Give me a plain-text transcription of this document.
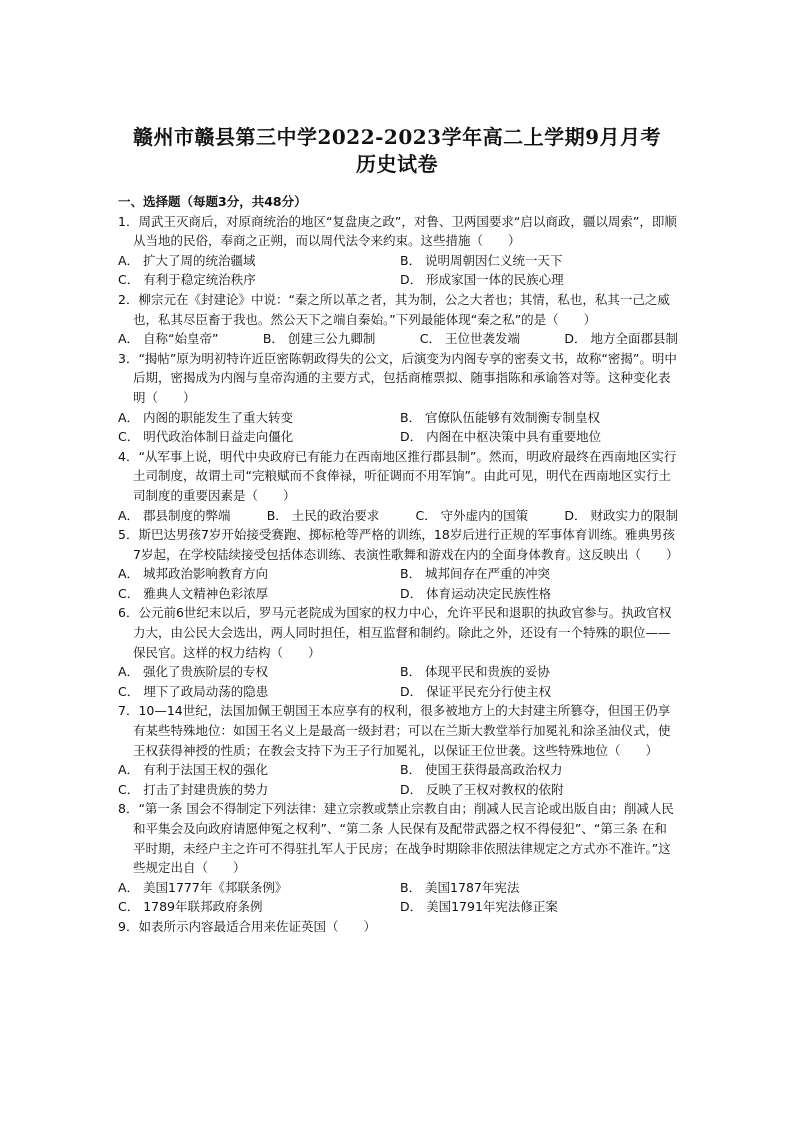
赣州市赣县第三中学2022-2023学年高二上学期9月月考
历史试卷
一、选择题（每题3分，共48分）
1．周武王灭商后，对原商统治的地区“复盘庚之政”，对鲁、卫两国要求“启以商政，疆以周索”，即顺从当地的民俗，奉商之正朔，而以周代法令来约束。这些措施（　　）
A． 扩大了周的统治疆域	B． 说明周朝因仁义统一天下
C． 有利于稳定统治秩序	D． 形成家国一体的民族心理
2．柳宗元在《封建论》中说：“秦之所以革之者，其为制，公之大者也；其情，私也，私其一己之威也，私其尽臣畜于我也。然公天下之端自秦始。”下列最能体现“秦之私”的是（　　）
A． 自称“始皇帝”	B． 创建三公九卿制	C． 王位世袭发端	D． 地方全面郡县制
3．“揭帖”原为明初特许近臣密陈朝政得失的公文，后演变为内阁专享的密奏文书，故称“密揭”。明中后期，密揭成为内阁与皇帝沟通的主要方式，包括商榷票拟、随事指陈和承谕答对等。这种变化表明（　　）
A． 内阁的职能发生了重大转变	B． 官僚队伍能够有效制衡专制皇权
C． 明代政治体制日益走向僵化	D． 内阁在中枢决策中具有重要地位
4．“从军事上说，明代中央政府已有能力在西南地区推行郡县制”。然而，明政府最终在西南地区实行土司制度，故谓土司“完粮赋而不食俸禄，听征调而不用军饷”。由此可见，明代在西南地区实行土司制度的重要因素是（　　）
A． 郡县制度的弊端	B． 土民的政治要求	C． 守外虚内的国策	D． 财政实力的限制
5．斯巴达男孩7岁开始接受赛跑、掷标枪等严格的训练，18岁后进行正规的军事体育训练。雅典男孩7岁起，在学校陆续接受包括体态训练、表演性歌舞和游戏在内的全面身体教育。这反映出（　　）
A． 城邦政治影响教育方向	B． 城邦间存在严重的冲突
C． 雅典人文精神色彩浓厚	D． 体育运动决定民族性格
6．公元前6世纪末以后，罗马元老院成为国家的权力中心，允许平民和退职的执政官参与。执政官权力大，由公民大会选出，两人同时担任，相互监督和制约。除此之外，还设有一个特殊的职位——保民官。这样的权力结构（　　）
A． 强化了贵族阶层的专权	B． 体现平民和贵族的妥协
C． 埋下了政局动荡的隐患	D． 保证平民充分行使主权
7．10—14世纪，法国加佩王朝国王本应享有的权利，很多被地方上的大封建主所篡夺，但国王仍享有某些特殊地位：如国王名义上是最高一级封君；可以在兰斯大教堂举行加冕礼和涂圣油仪式，使王权获得神授的性质；在教会支持下为王子行加冕礼，以保证王位世袭。这些特殊地位（　　）
A． 有利于法国王权的强化	B． 使国王获得最高政治权力
C． 打击了封建贵族的势力	D． 反映了王权对教权的依附
8．“第一条 国会不得制定下列法律：建立宗教或禁止宗教自由；削减人民言论或出版自由；削减人民和平集会及向政府请愿伸冤之权利”、“第二条 人民保有及配带武器之权不得侵犯”、“第三条 在和平时期，未经户主之许可不得驻扎军人于民房；在战争时期除非依照法律规定之方式亦不准许。”这些规定出自（　　）
A． 美国1777年《邦联条例》	B． 美国1787年宪法
C． 1789年联邦政府条例	D． 美国1791年宪法修正案
9．如表所示内容最适合用来佐证英国（　　）
